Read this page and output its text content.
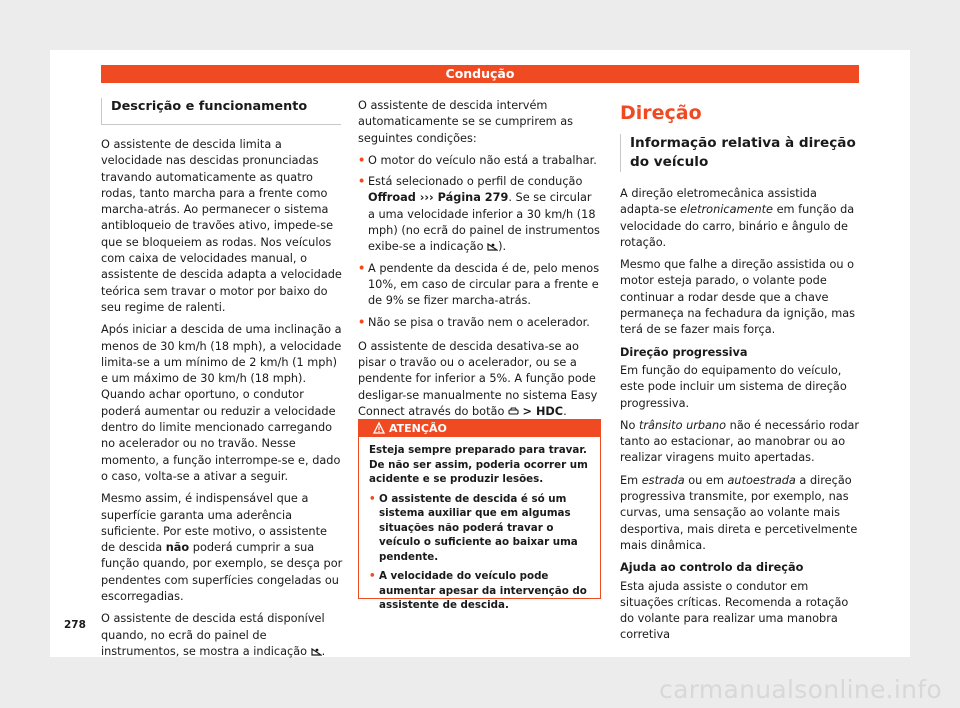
Condução
Descrição e funcionamento

O assistente de descida limita a velocidade nas descidas pronunciadas travando automaticamente as quatro rodas, tanto marcha para a frente como marcha-atrás. Ao permanecer o sistema antibloqueio de travões ativo, impede-se que se bloqueiem as rodas. Nos veículos com caixa de velocidades manual, o assistente de descida adapta a velocidade teórica sem travar o motor por baixo do seu regime de ralenti.

Após iniciar a descida de uma inclinação a menos de 30 km/h (18 mph), a velocidade limita-se a um mínimo de 2 km/h (1 mph) e um máximo de 30 km/h (18 mph). Quando achar oportuno, o condutor poderá aumentar ou reduzir a velocidade dentro do limite mencionado carregando no acelerador ou no travão. Nesse momento, a função interrompe-se e, dado o caso, volta-se a ativar a seguir.

Mesmo assim, é indispensável que a superfície garanta uma aderência suficiente. Por este motivo, o assistente de descida não poderá cumprir a sua função quando, por exemplo, se desça por pendentes com superfícies congeladas ou escorregadias.

O assistente de descida está disponível quando, no ecrã do painel de instrumentos, se mostra a indicação .

O assistente de descida intervém automaticamente se se cumprirem as seguintes condições:

• O motor do veículo não está a trabalhar.
• Está selecionado o perfil de condução Offroad ››› Página 279. Se se circular a uma velocidade inferior a 30 km/h (18 mph) (no ecrã do painel de instrumentos exibe-se a indicação ).
• A pendente da descida é de, pelo menos 10%, em caso de circular para a frente e de 9% se fizer marcha-atrás.
• Não se pisa o travão nem o acelerador.

O assistente de descida desativa-se ao pisar o travão ou o acelerador, ou se a pendente for inferior a 5%. A função pode desligar-se manualmente no sistema Easy Connect através do botão > HDC.

ATENÇÃO

Esteja sempre preparado para travar. De não ser assim, poderia ocorrer um acidente e se produzir lesões.

• O assistente de descida é só um sistema auxiliar que em algumas situações não poderá travar o veículo o suficiente ao baixar uma pendente.
• A velocidade do veículo pode aumentar apesar da intervenção do assistente de descida.
Direção
Informação relativa à direção do veículo

A direção eletromecânica assistida adapta-se eletronicamente em função da velocidade do carro, binário e ângulo de rotação.

Mesmo que falhe a direção assistida ou o motor esteja parado, o volante pode continuar a rodar desde que a chave permaneça na fechadura da ignição, mas terá de se fazer mais força.

Direção progressiva

Em função do equipamento do veículo, este pode incluir um sistema de direção progressiva.

No trânsito urbano não é necessário rodar tanto ao estacionar, ao manobrar ou ao realizar viragens muito apertadas.

Em estrada ou em autoestrada a direção progressiva transmite, por exemplo, nas curvas, uma sensação ao volante mais desportiva, mais direta e percetivelmente mais dinâmica.

Ajuda ao controlo da direção

Esta ajuda assiste o condutor em situações críticas. Recomenda a rotação do volante para realizar uma manobra corretiva

278
carmanualsonline.info
